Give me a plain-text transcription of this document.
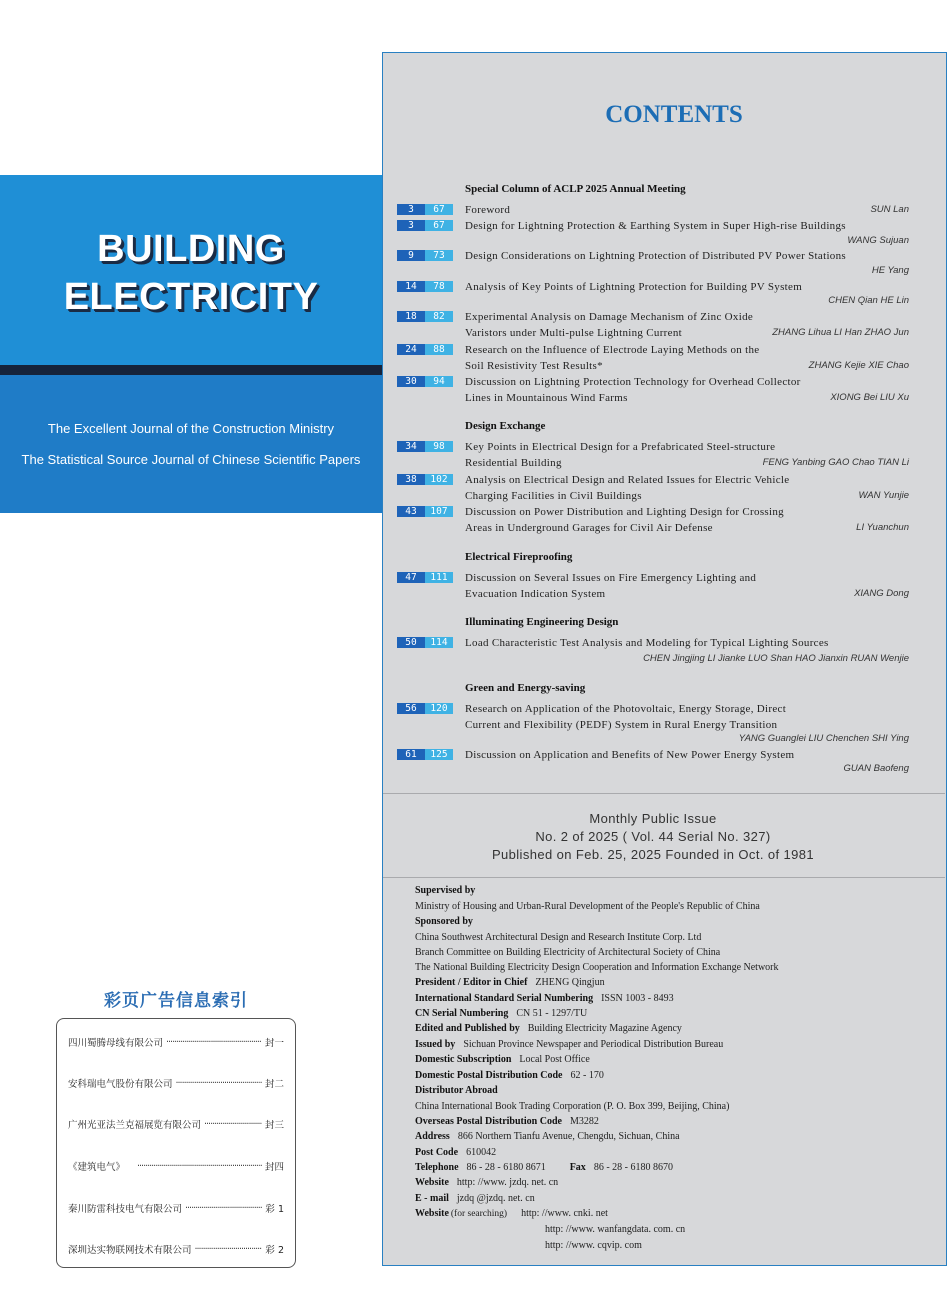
BUILDING
ELECTRICITY
The Excellent Journal of the Construction Ministry
The Statistical Source Journal of Chinese Scientific Papers
彩页广告信息索引
四川蜀腾母线有限公司 ·····	封一
安科瑞电气股份有限公司 ·····	封二
广州光亚法兰克福展览有限公司 ·····	封三
《建筑电气》 ·····	封四
秦川防雷科技电气有限公司 ·····	彩 1
深圳达实物联网技术有限公司 ·····	彩 2
CONTENTS
Special Column of ACLP 2025 Annual Meeting
3	67	Foreword	SUN Lan
3	67	Design for Lightning Protection & Earthing System in Super High-rise Buildings
WANG Sujuan
9	73	Design Considerations on Lightning Protection of Distributed PV Power Stations
HE Yang
14	78	Analysis of Key Points of Lightning Protection for Building PV System
CHEN Qian HE Lin
18	82	Experimental Analysis on Damage Mechanism of Zinc Oxide
Varistors under Multi-pulse Lightning Current	ZHANG Lihua LI Han ZHAO Jun
24	88	Research on the Influence of Electrode Laying Methods on the
Soil Resistivity Test Results*	ZHANG Kejie XIE Chao
30	94	Discussion on Lightning Protection Technology for Overhead Collector
Lines in Mountainous Wind Farms	XIONG Bei LIU Xu
Design Exchange
34	98	Key Points in Electrical Design for a Prefabricated Steel-structure
Residential Building	FENG Yanbing GAO Chao TIAN Li
38	102	Analysis on Electrical Design and Related Issues for Electric Vehicle
Charging Facilities in Civil Buildings	WAN Yunjie
43	107	Discussion on Power Distribution and Lighting Design for Crossing
Areas in Underground Garages for Civil Air Defense	LI Yuanchun
Electrical Fireproofing
47	111	Discussion on Several Issues on Fire Emergency Lighting and
Evacuation Indication System	XIANG Dong
Illuminating Engineering Design
50	114	Load Characteristic Test Analysis and Modeling for Typical Lighting Sources
CHEN Jingjing LI Jianke LUO Shan HAO Jianxin RUAN Wenjie
Green and Energy-saving
56	120	Research on Application of the Photovoltaic, Energy Storage, Direct
Current and Flexibility (PEDF) System in Rural Energy Transition
YANG Guanglei LIU Chenchen SHI Ying
61	125	Discussion on Application and Benefits of New Power Energy System
GUAN Baofeng
Monthly Public Issue
No. 2 of 2025 ( Vol. 44 Serial No. 327)
Published on Feb. 25, 2025 Founded in Oct. of 1981
Supervised by
Ministry of Housing and Urban-Rural Development of the People's Republic of China
Sponsored by
China Southwest Architectural Design and Research Institute Corp. Ltd
Branch Committee on Building Electricity of Architectural Society of China
The National Building Electricity Design Cooperation and Information Exchange Network
President / Editor in Chief ZHENG Qingjun
International Standard Serial Numbering ISSN 1003 - 8493
CN Serial Numbering CN 51 - 1297/TU
Edited and Published by Building Electricity Magazine Agency
Issued by Sichuan Province Newspaper and Periodical Distribution Bureau
Domestic Subscription Local Post Office
Domestic Postal Distribution Code 62 - 170
Distributor Abroad
China International Book Trading Corporation (P. O. Box 399, Beijing, China)
Overseas Postal Distribution Code M3282
Address 866 Northern Tianfu Avenue, Chengdu, Sichuan, China
Post Code 610042
Telephone 86 - 28 - 6180 8671 Fax 86 - 28 - 6180 8670
Website http: //www. jzdq. net. cn
E - mail jzdq @jzdq. net. cn
Website (for searching) http: //www. cnki. net
http: //www. wanfangdata. com. cn
http: //www. cqvip. com
